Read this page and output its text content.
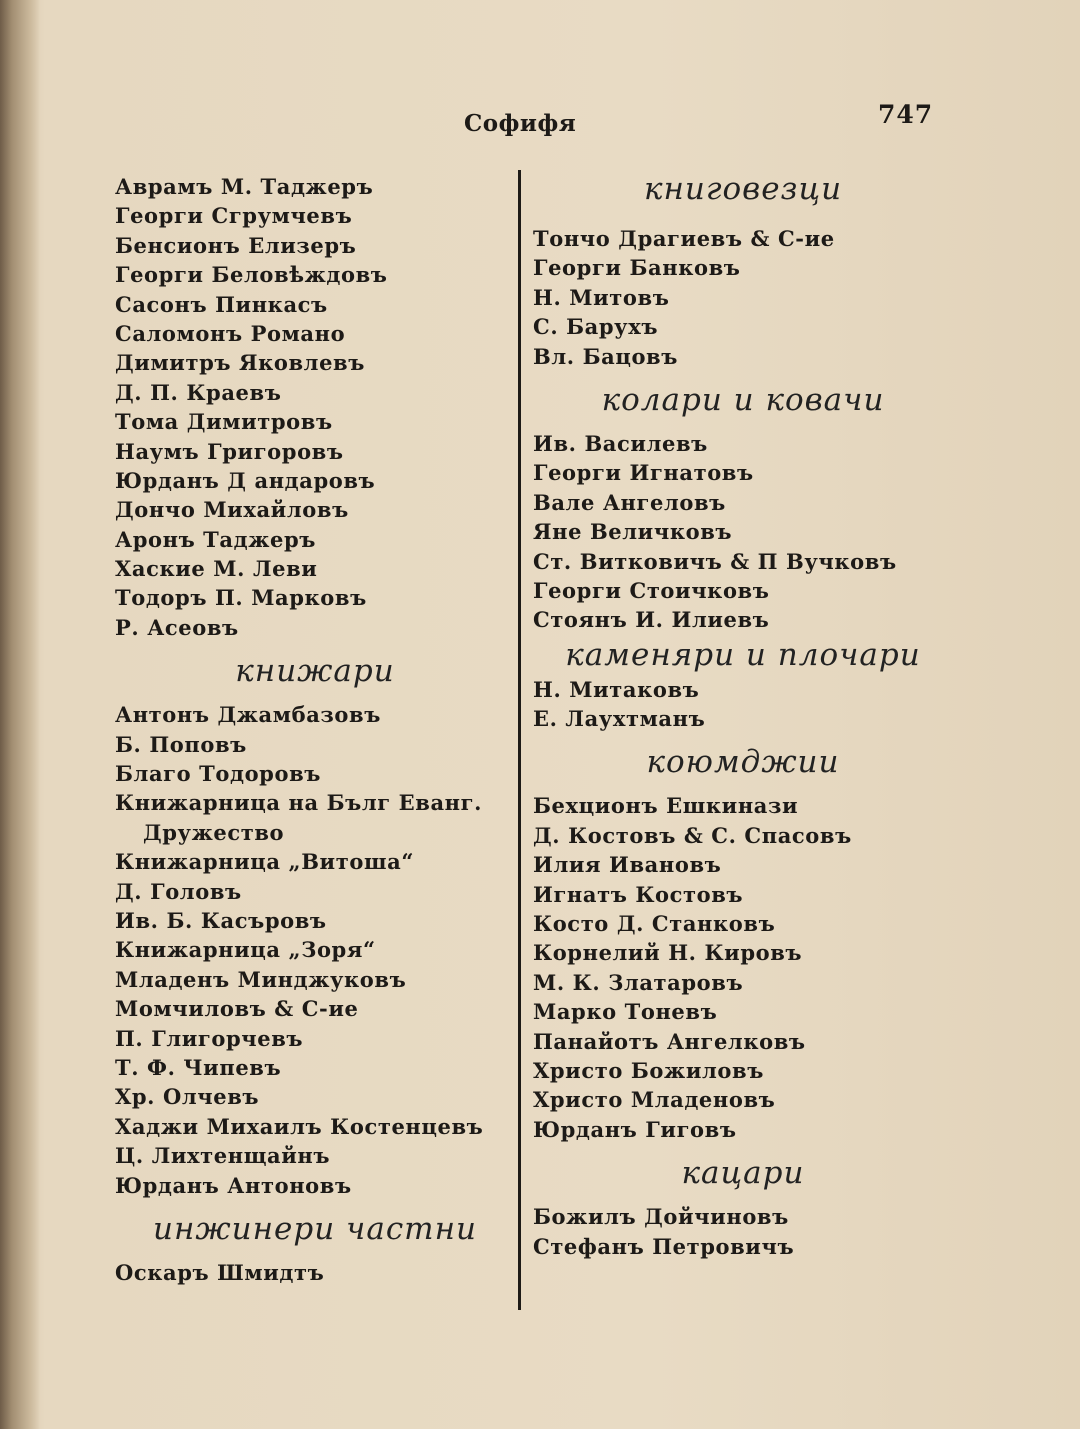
Софифя	747
Аврамъ М. Таджеръ
Георги Сгрумчевъ
Бенсионъ Елизеръ
Георги Беловѣждовъ
Сасонъ Пинкасъ
Саломонъ Романо
Димитръ Яковлевъ
Д. П. Краевъ
Тома Димитровъ
Наумъ Григоровъ
Юрданъ Д андаровъ
Дончо Михайловъ
Аронъ Таджеръ
Хаские М. Леви
Тодоръ П. Марковъ
Р. Асеовъ
книжари
Антонъ Джамбазовъ
Б. Поповъ
Благо Тодоровъ
Книжарница на Бълг Еванг.
Дружество
Книжарница „Витоша“
Д. Головъ
Ив. Б. Касъровъ
Книжарница „Зоря“
Младенъ Минджуковъ
Момчиловъ & С-ие
П. Глигорчевъ
Т. Ф. Чипевъ
Хр. Олчевъ
Хаджи Михаилъ Костенцевъ
Ц. Лихтенщайнъ
Юрданъ Антоновъ
инжинери частни
Оскаръ Шмидтъ
книговезци
Тончо Драгиевъ & С-ие
Георги Банковъ
Н. Митовъ
С. Барухъ
Вл. Бацовъ
колари и ковачи
Ив. Василевъ
Георги Игнатовъ
Вале Ангеловъ
Яне Величковъ
Ст. Витковичъ & П Вучковъ
Георги Стоичковъ
Стоянъ И. Илиевъ
каменяри и плочари
Н. Митаковъ
Е. Лаухтманъ
коюмджии
Бехционъ Ешкинази
Д. Костовъ & С. Спасовъ
Илия Ивановъ
Игнатъ Костовъ
Косто Д. Станковъ
Корнелий Н. Кировъ
М. К. Златаровъ
Марко Тоневъ
Панайотъ Ангелковъ
Христо Божиловъ
Христо Младеновъ
Юрданъ Гиговъ
кацари
Божилъ Дойчиновъ
Стефанъ Петровичъ
